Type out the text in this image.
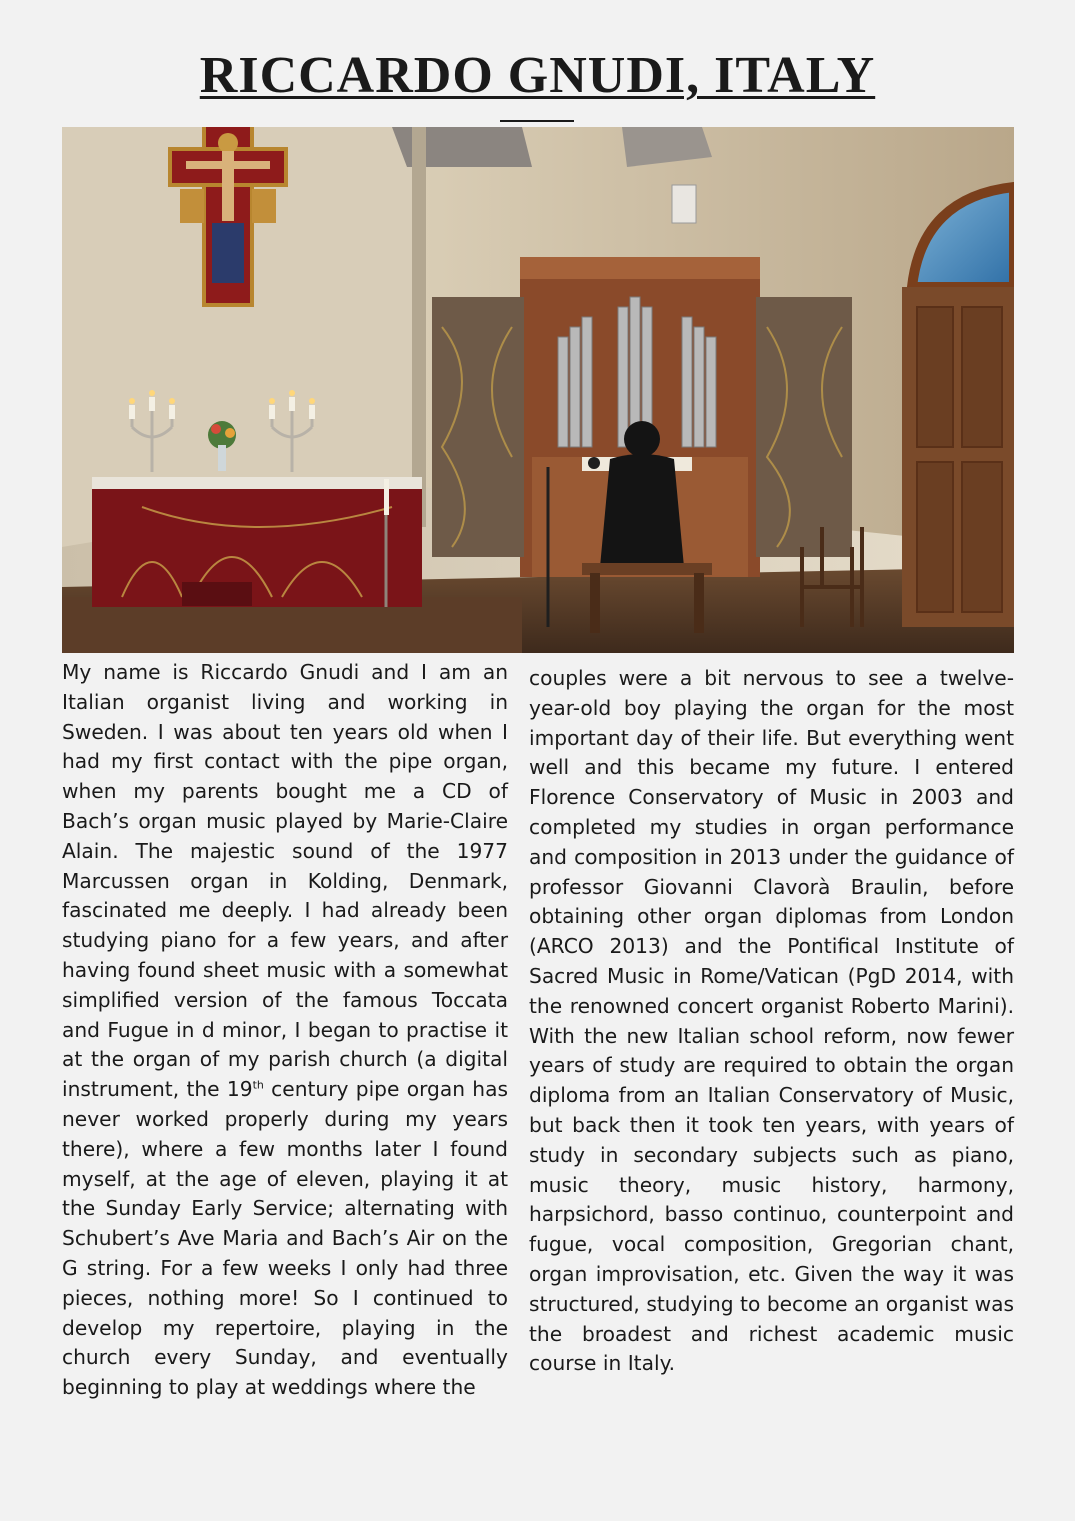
RICCARDO GNUDI, ITALY

My name is Riccardo Gnudi and I am an Italian organist living and working in Sweden. I was about ten years old when I had my first contact with the pipe organ, when my parents bought me a CD of Bach’s organ music played by Marie-Claire Alain. The majestic sound of the 1977 Marcussen organ in Kolding, Denmark, fascinated me deeply. I had already been studying piano for a few years, and after having found sheet music with a somewhat simplified version of the famous Toccata and Fugue in d minor, I began to practise it at the organ of my parish church (a digital instrument, the 19th century pipe organ has never worked properly during my years there), where a few months later I found myself, at the age of eleven, playing it at the Sunday Early Service; alternating with Schubert’s Ave Maria and Bach’s Air on the G string. For a few weeks I only had three pieces, nothing more! So I continued to develop my repertoire, playing in the church every Sunday, and eventually beginning to play at weddings where the

couples were a bit nervous to see a twelve-year-old boy playing the organ for the most important day of their life. But everything went well and this became my future. I entered Florence Conservatory of Music in 2003 and completed my studies in organ performance and composition in 2013 under the guidance of professor Giovanni Clavorà Braulin, before obtaining other organ diplomas from London (ARCO 2013) and the Pontifical Institute of Sacred Music in Rome/Vatican (PgD 2014, with the renowned concert organist Roberto Marini). With the new Italian school reform, now fewer years of study are required to obtain the organ diploma from an Italian Conservatory of Music, but back then it took ten years, with years of study in secondary subjects such as piano, music theory, music history, harmony, harpsichord, basso continuo, counterpoint and fugue, vocal composition, Gregorian chant, organ improvisation, etc. Given the way it was structured, studying to become an organist was the broadest and richest academic music course in Italy.
